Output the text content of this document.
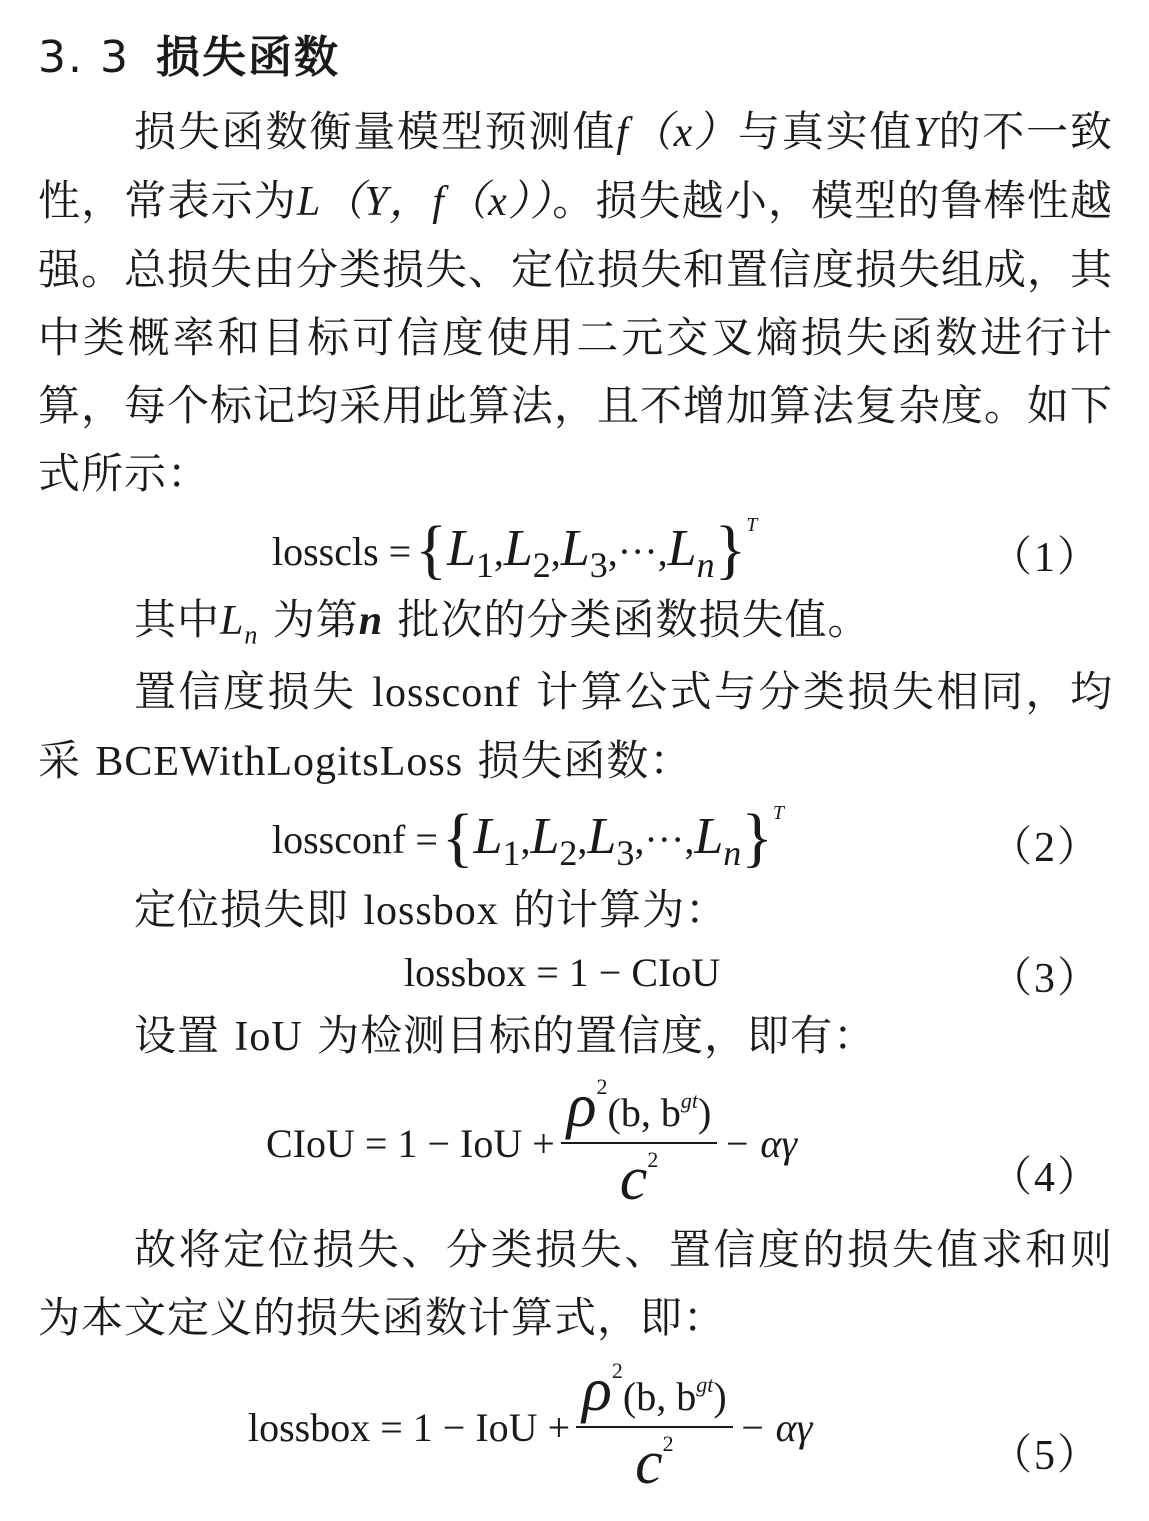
3. 3 损失函数
损失函数衡量模型预测值f（x）与真实值Y的不一致性，常表示为L（Y，f（x））。损失越小，模型的鲁棒性越强。总损失由分类损失、定位损失和置信度损失组成，其中类概率和目标可信度使用二元交叉熵损失函数进行计算，每个标记均采用此算法，且不增加算法复杂度。如下式所示：
losscls = {L1,L2,L3,···,Ln}T
（1）
其中$L_n$ 为第n 批次的分类函数损失值。
置信度损失 lossconf 计算公式与分类损失相同，均采 BCEWithLogitsLoss 损失函数：
lossconf = {L1,L2,L3,···,Ln}T
（2）
定位损失即 lossbox 的计算为：
lossbox = 1 − CIoU	（3）
设置 IoU 为检测目标的置信度，即有：
CIoU = 1 − IoU + $\frac{\text{ρ2(b, bgt)}}{c2} - \alpha\gamma$
（4）
故将定位损失、分类损失、置信度的损失值求和则为本文定义的损失函数计算式，即：
lossbox = 1 − IoU + $\frac{\text{ρ2(b, bgt)}}{c2} - \alpha\gamma$
（5）
